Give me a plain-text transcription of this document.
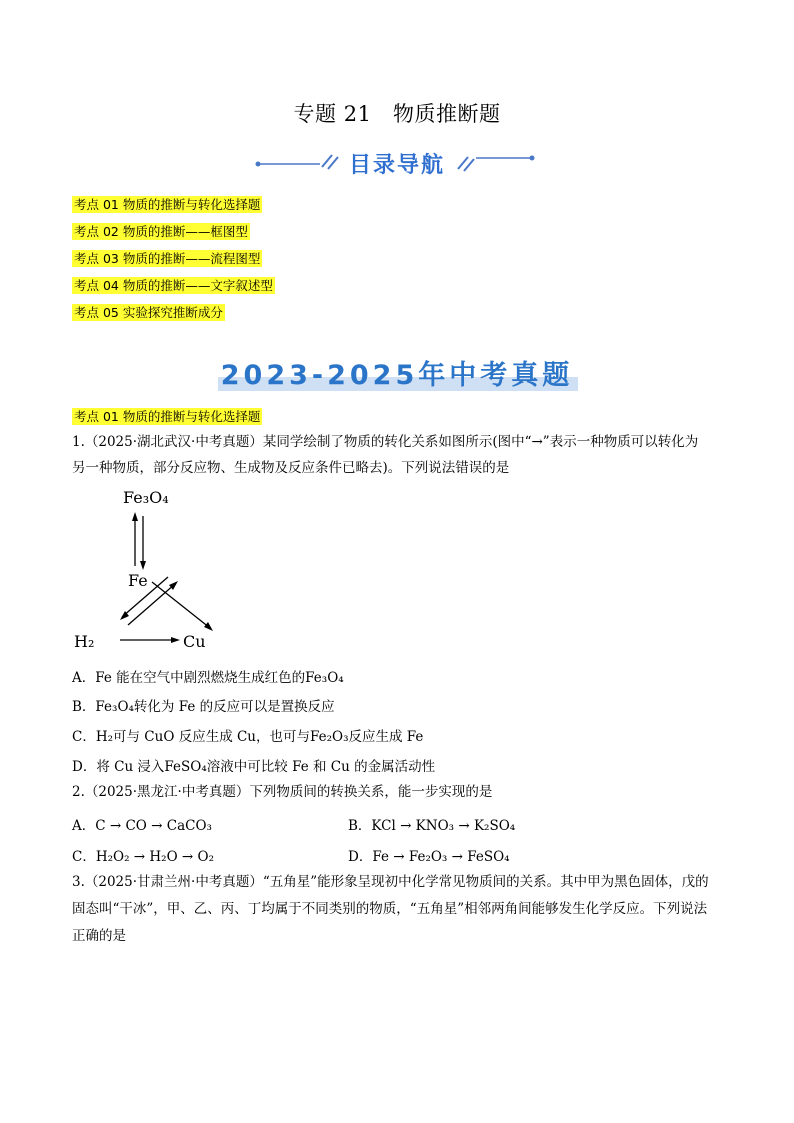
专题 21　物质推断题
目录导航
考点 01 物质的推断与转化选择题
考点 02 物质的推断——框图型
考点 03 物质的推断——流程图型
考点 04 物质的推断——文字叙述型
考点 05 实验探究推断成分
2023-2025年中考真题
考点 01 物质的推断与转化选择题
1.（2025·湖北武汉·中考真题）某同学绘制了物质的转化关系如图所示(图中“→”表示一种物质可以转化为
另一种物质，部分反应物、生成物及反应条件已略去)。下列说法错误的是
Fe₃O₄
Fe
H₂	Cu
A．Fe 能在空气中剧烈燃烧生成红色的Fe₃O₄
B．Fe₃O₄转化为 Fe 的反应可以是置换反应
C．H₂可与 CuO 反应生成 Cu，也可与Fe₂O₃反应生成 Fe
D．将 Cu 浸入FeSO₄溶液中可比较 Fe 和 Cu 的金属活动性
2.（2025·黑龙江·中考真题）下列物质间的转换关系，能一步实现的是
A．C → CO → CaCO₃	B．KCl → KNO₃ → K₂SO₄
C．H₂O₂ → H₂O → O₂	D．Fe → Fe₂O₃ → FeSO₄
3.（2025·甘肃兰州·中考真题）“五角星”能形象呈现初中化学常见物质间的关系。其中甲为黑色固体，戊的
固态叫“干冰”，甲、乙、丙、丁均属于不同类别的物质，“五角星”相邻两角间能够发生化学反应。下列说法
正确的是
